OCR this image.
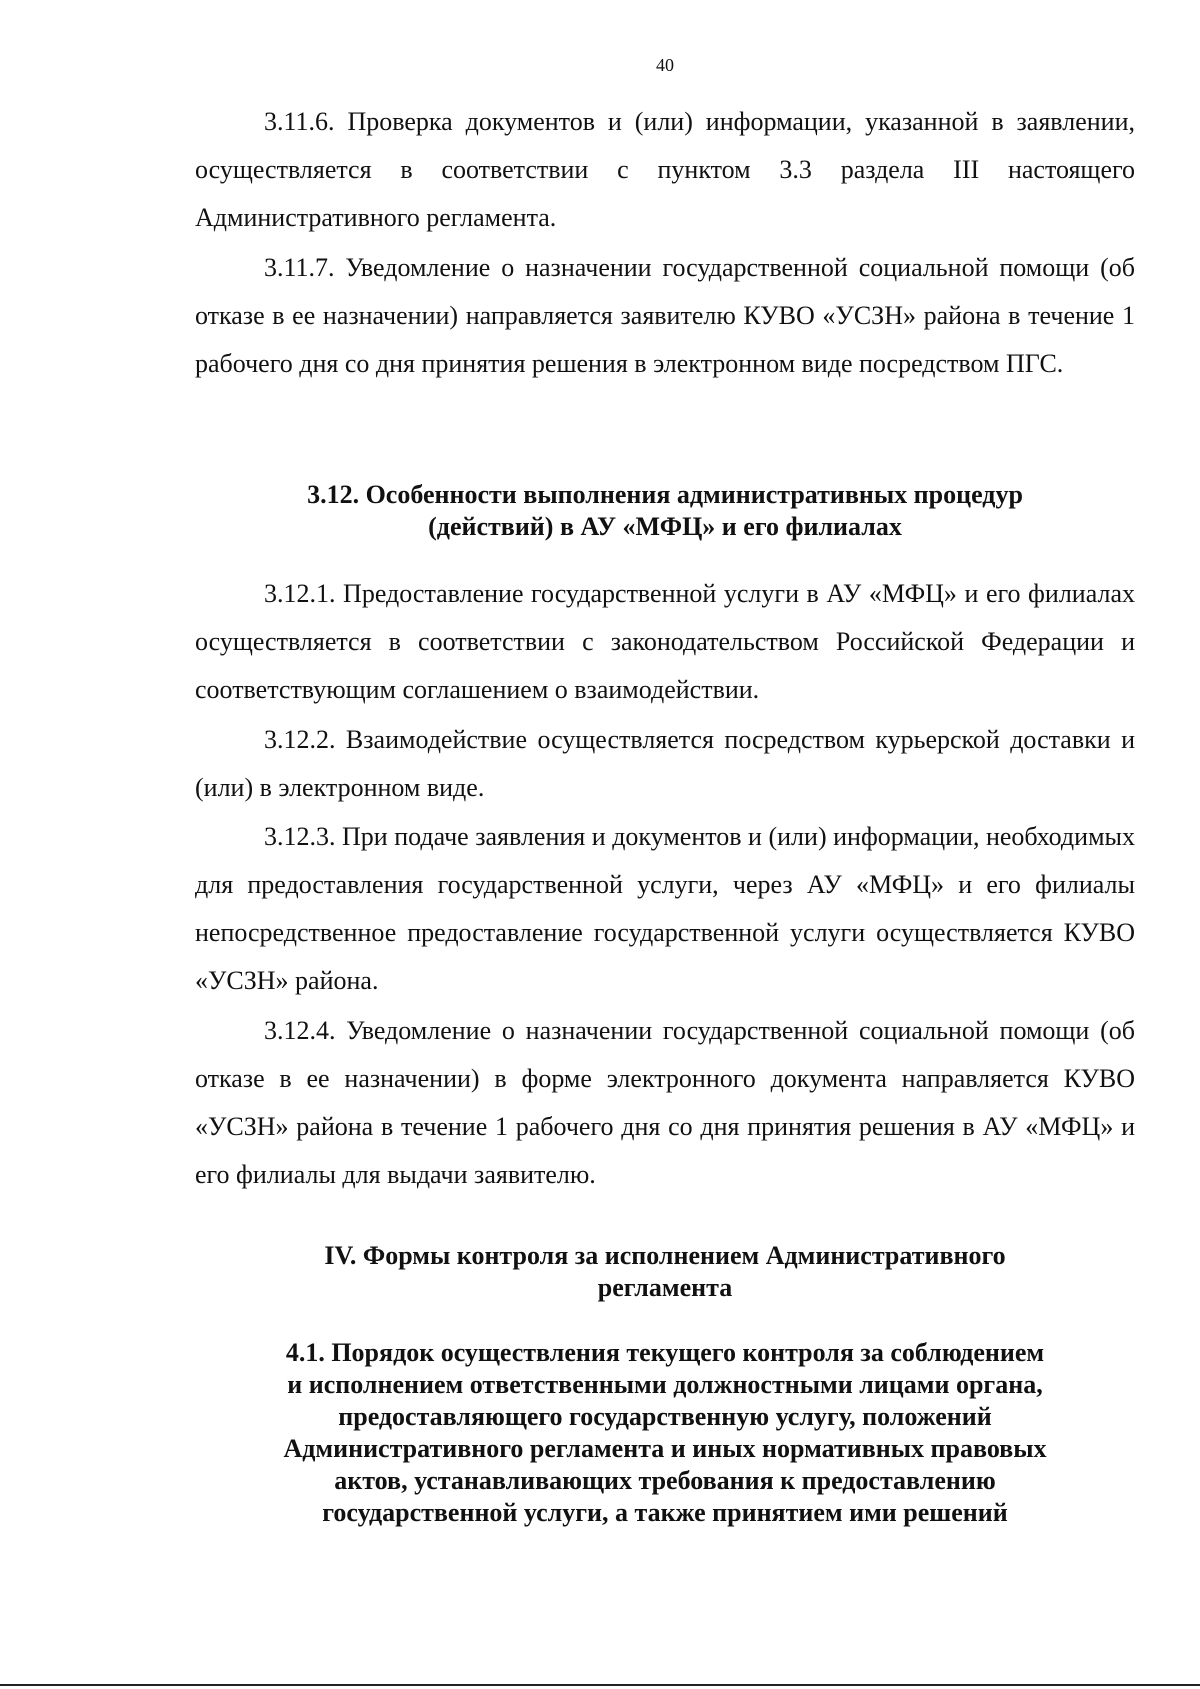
40

3.11.6. Проверка документов и (или) информации, указанной в заявлении, осуществляется в соответствии с пунктом 3.3 раздела III настоящего Административного регламента.

3.11.7. Уведомление о назначении государственной социальной помощи (об отказе в ее назначении) направляется заявителю КУВО «УСЗН» района в течение 1 рабочего дня со дня принятия решения в электронном виде посредством ПГС.

3.12. Особенности выполнения административных процедур
(действий) в АУ «МФЦ» и его филиалах

3.12.1. Предоставление государственной услуги в АУ «МФЦ» и его филиалах осуществляется в соответствии с законодательством Российской Федерации и соответствующим соглашением о взаимодействии.

3.12.2. Взаимодействие осуществляется посредством курьерской доставки и (или) в электронном виде.

3.12.3. При подаче заявления и документов и (или) информации, необходимых для предоставления государственной услуги, через АУ «МФЦ» и его филиалы непосредственное предоставление государственной услуги осуществляется КУВО «УСЗН» района.

3.12.4. Уведомление о назначении государственной социальной помощи (об отказе в ее назначении) в форме электронного документа направляется КУВО «УСЗН» района в течение 1 рабочего дня со дня принятия решения в АУ «МФЦ» и его филиалы для выдачи заявителю.

IV. Формы контроля за исполнением Административного
регламента
4.1. Порядок осуществления текущего контроля за соблюдением
и исполнением ответственными должностными лицами органа,
предоставляющего государственную услугу, положений
Административного регламента и иных нормативных правовых
актов, устанавливающих требования к предоставлению
государственной услуги, а также принятием ими решений
